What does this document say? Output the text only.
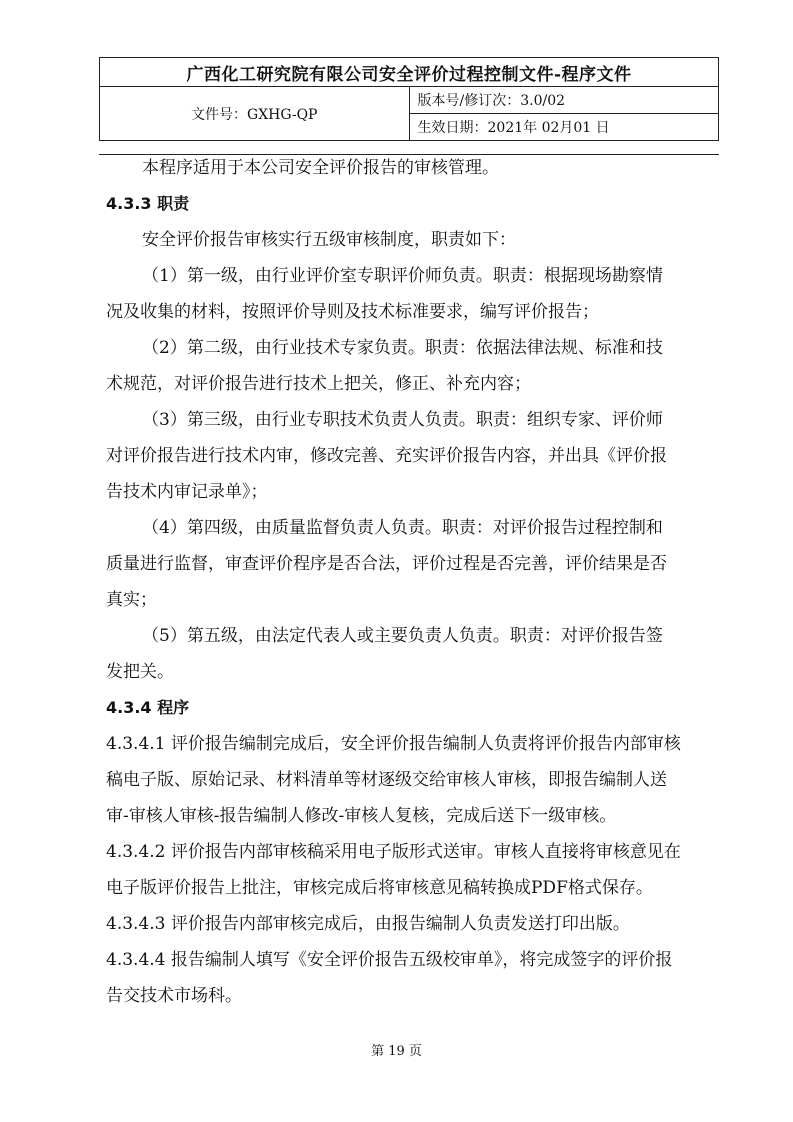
广西化工研究院有限公司安全评价过程控制文件-程序文件
文件号：GXHG-QP	版本号/修订次：3.0/02
生效日期：2021年 02月01 日

本程序适用于本公司安全评价报告的审核管理。

4.3.3 职责

安全评价报告审核实行五级审核制度，职责如下：

（1）第一级，由行业评价室专职评价师负责。职责：根据现场勘察情

况及收集的材料，按照评价导则及技术标准要求，编写评价报告；

（2）第二级，由行业技术专家负责。职责：依据法律法规、标准和技

术规范，对评价报告进行技术上把关，修正、补充内容；

（3）第三级，由行业专职技术负责人负责。职责：组织专家、评价师

对评价报告进行技术内审，修改完善、充实评价报告内容，并出具《评价报

告技术内审记录单》；

（4）第四级，由质量监督负责人负责。职责：对评价报告过程控制和

质量进行监督，审查评价程序是否合法，评价过程是否完善，评价结果是否

真实；

（5）第五级，由法定代表人或主要负责人负责。职责：对评价报告签

发把关。

4.3.4 程序

4.3.4.1 评价报告编制完成后，安全评价报告编制人负责将评价报告内部审核

稿电子版、原始记录、材料清单等材逐级交给审核人审核，即报告编制人送

审-审核人审核-报告编制人修改-审核人复核，完成后送下一级审核。

4.3.4.2 评价报告内部审核稿采用电子版形式送审。审核人直接将审核意见在

电子版评价报告上批注，审核完成后将审核意见稿转换成PDF格式保存。

4.3.4.3 评价报告内部审核完成后，由报告编制人负责发送打印出版。

4.3.4.4 报告编制人填写《安全评价报告五级校审单》，将完成签字的评价报

告交技术市场科。

第 19 页
